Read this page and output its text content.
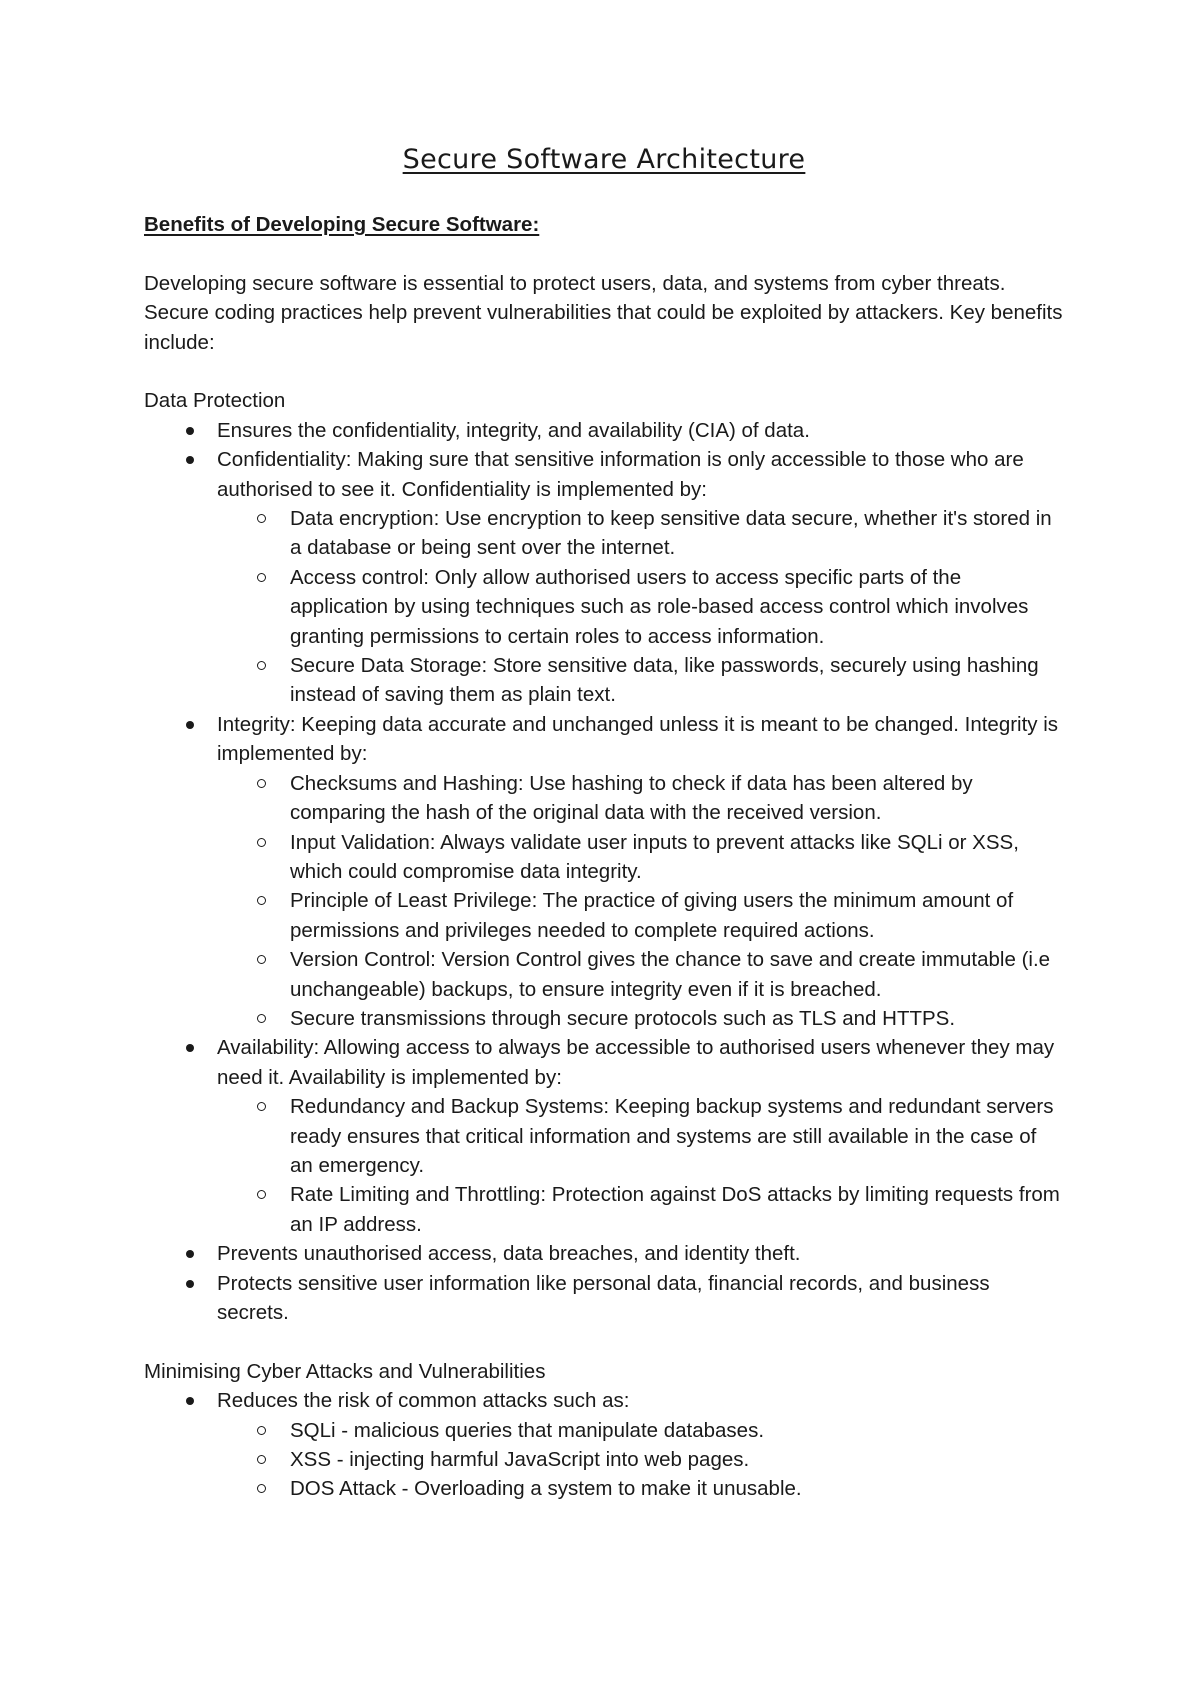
Secure Software Architecture
Benefits of Developing Secure Software:
Developing secure software is essential to protect users, data, and systems from cyber threats. Secure coding practices help prevent vulnerabilities that could be exploited by attackers. Key benefits include:
Data Protection
Ensures the confidentiality, integrity, and availability (CIA) of data.
Confidentiality: Making sure that sensitive information is only accessible to those who are authorised to see it. Confidentiality is implemented by:
Data encryption: Use encryption to keep sensitive data secure, whether it's stored in a database or being sent over the internet.
Access control: Only allow authorised users to access specific parts of the application by using techniques such as role-based access control which involves granting permissions to certain roles to access information.
Secure Data Storage: Store sensitive data, like passwords, securely using hashing instead of saving them as plain text.
Integrity: Keeping data accurate and unchanged unless it is meant to be changed. Integrity is implemented by:
Checksums and Hashing: Use hashing to check if data has been altered by comparing the hash of the original data with the received version.
Input Validation: Always validate user inputs to prevent attacks like SQLi or XSS, which could compromise data integrity.
Principle of Least Privilege: The practice of giving users the minimum amount of permissions and privileges needed to complete required actions.
Version Control: Version Control gives the chance to save and create immutable (i.e unchangeable) backups, to ensure integrity even if it is breached.
Secure transmissions through secure protocols such as TLS and HTTPS.
Availability: Allowing access to always be accessible to authorised users whenever they may need it. Availability is implemented by:
Redundancy and Backup Systems: Keeping backup systems and redundant servers ready ensures that critical information and systems are still available in the case of an emergency.
Rate Limiting and Throttling: Protection against DoS attacks by limiting requests from an IP address.
Prevents unauthorised access, data breaches, and identity theft.
Protects sensitive user information like personal data, financial records, and business secrets.
Minimising Cyber Attacks and Vulnerabilities
Reduces the risk of common attacks such as:
SQLi - malicious queries that manipulate databases.
XSS - injecting harmful JavaScript into web pages.
DOS Attack - Overloading a system to make it unusable.
